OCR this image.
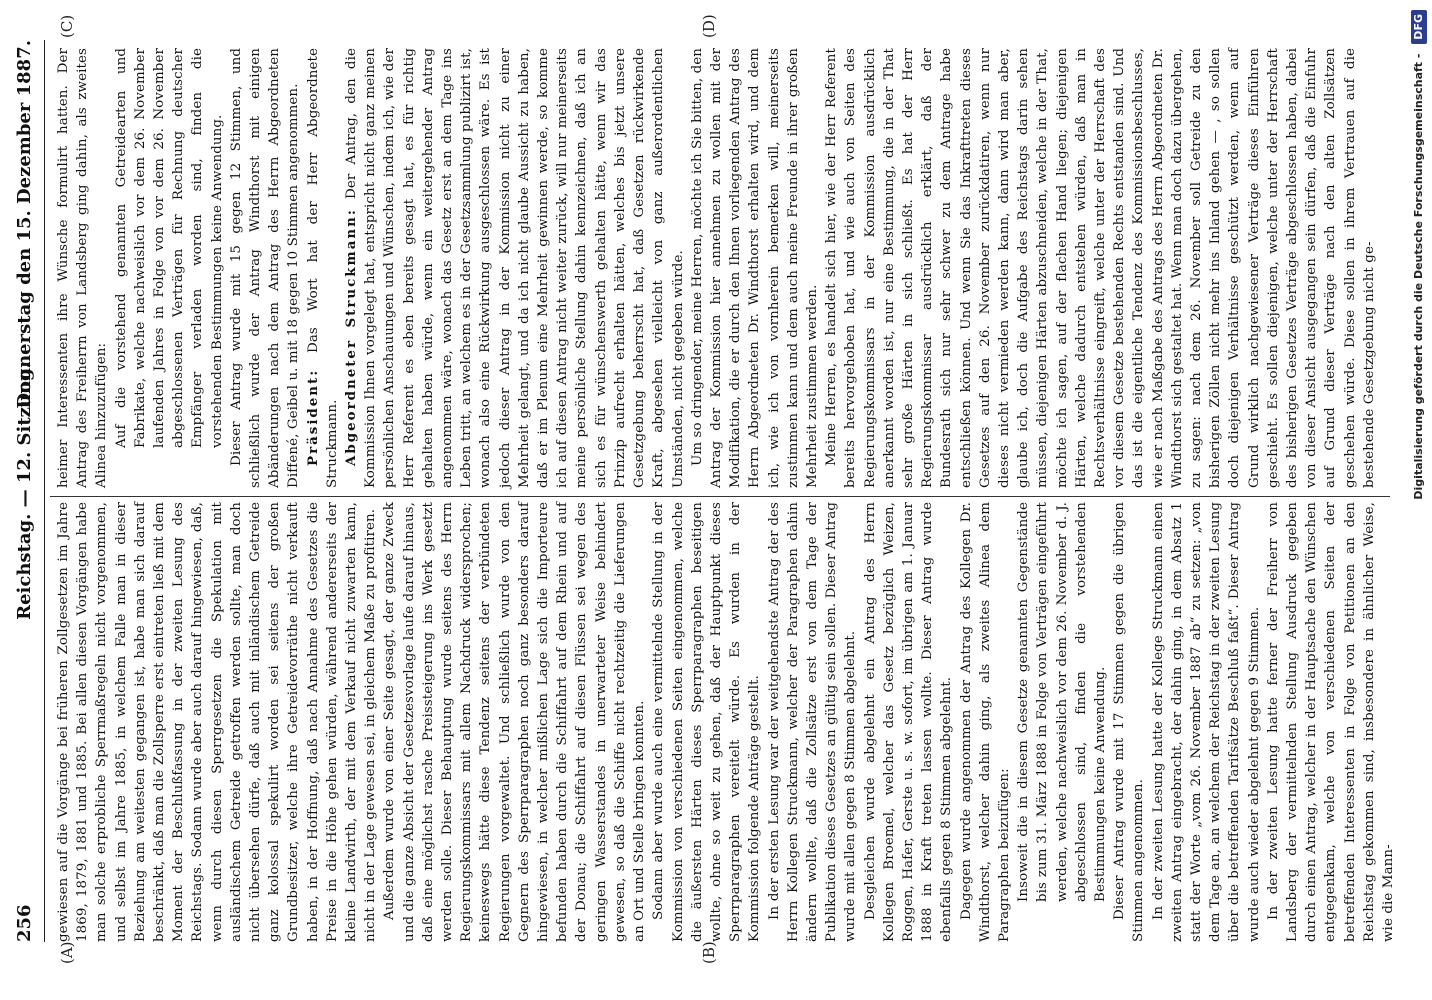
256
Reichstag. — 12. Sitzung.
Donnerstag den 15. Dezember 1887.
(A)	(B)
(C)	(D)

gewiesen auf die Vorgänge bei früheren Zollgesetzen im Jahre 1869, 1879, 1881 und 1885. Bei allen diesen Vorgängen habe man solche erprobliche Sperrmaßregeln nicht vorgenommen, und selbst im Jahre 1885, in welchem Falle man in dieser Beziehung am weitesten gegangen ist, habe man sich darauf beschränkt, daß man die Zollsperre erst eintreten ließ mit dem Moment der Beschlußfassung in der zweiten Lesung des Reichstags. Sodann wurde aber auch darauf hingewiesen, daß, wenn durch diesen Sperrgesetzen die Spekulation mit ausländischem Getreide getroffen werden sollte, man doch nicht übersehen dürfe, daß auch mit inländischem Getreide ganz kolossal spekulirt worden sei seitens der großen Grundbesitzer, welche ihre Getreidevorräthe nicht verkauft haben, in der Hoffnung, daß nach Annahme des Gesetzes die Preise in die Höhe gehen würden, während andererseits der kleine Landwirth, der mit dem Verkauf nicht zuwarten kann, nicht in der Lage gewesen sei, in gleichem Maße zu profitiren. Außerdem wurde von einer Seite gesagt, der ganze Zweck und die ganze Absicht der Gesetzesvorlage laufe darauf hinaus, daß eine möglichst rasche Preissteigerung ins Werk gesetzt werden solle. Dieser Behauptung wurde seitens des Herrn Regierungskommissars mit allem Nachdruck widersprochen; keineswegs hätte diese Tendenz seitens der verbündeten Regierungen vorgewaltet. Und schließlich wurde von den Gegnern des Sperrparagraphen noch ganz besonders darauf hingewiesen, in welcher mißlichen Lage sich die Importeure befunden haben durch die Schiffahrt auf dem Rhein und auf der Donau; die Schiffahrt auf diesen Flüssen sei wegen des geringen Wasserstandes in unerwarteter Weise behindert gewesen, so daß die Schiffe nicht rechtzeitig die Lieferungen an Ort und Stelle bringen konnten. Sodann aber wurde auch eine vermittelnde Stellung in der Kommission von verschiedenen Seiten eingenommen, welche die äußersten Härten dieses Sperrparagraphen beseitigen wollte, ohne so weit zu gehen, daß der Hauptpunkt dieses Sperrparagraphen vereitelt würde. Es wurden in der Kommission folgende Anträge gestellt. In der ersten Lesung war der weitgehendste Antrag der des Herrn Kollegen Struckmann, welcher der Paragraphen dahin ändern wollte, daß die Zollsätze erst von dem Tage der Publikation dieses Gesetzes an gültig sein sollen. Dieser Antrag wurde mit allen gegen 8 Stimmen abgelehnt. Desgleichen wurde abgelehnt ein Antrag des Herrn Kollegen Broemel, welcher das Gesetz bezüglich Weizen, Roggen, Hafer, Gerste u. s. w. sofort, im übrigen am 1. Januar 1888 in Kraft treten lassen wollte. Dieser Antrag wurde ebenfalls gegen 8 Stimmen abgelehnt. Dagegen wurde angenommen der Antrag des Kollegen Dr. Windthorst, welcher dahin ging, als zweites Alinea dem Paragraphen beizufügen: Insoweit die in diesem Gesetze genannten Gegenstände bis zum 31. März 1888 in Folge von Verträgen eingeführt werden, welche nachweislich vor dem 26. November d. J. abgeschlossen sind, finden die vorstehenden Bestimmungen keine Anwendung. Dieser Antrag wurde mit 17 Stimmen gegen die übrigen Stimmen angenommen. In der zweiten Lesung hatte der Kollege Struckmann einen zweiten Antrag eingebracht, der dahin ging, in dem Absatz 1 statt der Worte „vom 26. November 1887 ab“ zu setzen: „von dem Tage an, an welchem der Reichstag in der zweiten Lesung über die betreffenden Tarifsätze Beschluß faßt“. Dieser Antrag wurde auch wieder abgelehnt gegen 9 Stimmen. In der zweiten Lesung hatte ferner der Freiherr von Landsberg der vermittelnden Stellung Ausdruck gegeben durch einen Antrag, welcher in der Hauptsache den Wünschen entgegenkam, welche von verschiedenen Seiten der betreffenden Interessenten in Folge von Petitionen an den Reichstag gekommen sind, insbesondere in ähnlicher Weise, wie die Mann-

heimer Interessenten ihre Wünsche formulirt hatten. Der Antrag des Freiherrn von Landsberg ging dahin, als zweites Alinea hinzuzufügen: Auf die vorstehend genannten Getreidearten und Fabrikate, welche nachweislich vor dem 26. November laufenden Jahres in Folge von vor dem 26. November abgeschlossenen Verträgen für Rechnung deutscher Empfänger verladen worden sind, finden die vorstehenden Bestimmungen keine Anwendung. Dieser Antrag wurde mit 15 gegen 12 Stimmen, und schließlich wurde der Antrag Windthorst mit einigen Abänderungen nach dem Antrag des Herrn Abgeordneten Diffené, Geibel u. mit 18 gegen 10 Stimmen angenommen. Präsident: Das Wort hat der Herr Abgeordnete Struckmann. Abgeordneter Struckmann: Der Antrag, den die Kommission Ihnen vorgelegt hat, entspricht nicht ganz meinen persönlichen Anschauungen und Wünschen, indem ich, wie der Herr Referent es eben bereits gesagt hat, es für richtig gehalten haben würde, wenn ein weitergehender Antrag angenommen wäre, wonach das Gesetz erst an dem Tage ins Leben tritt, an welchem es in der Gesetzsammlung publizirt ist, wonach also eine Rückwirkung ausgeschlossen wäre. Es ist jedoch dieser Antrag in der Kommission nicht zu einer Mehrheit gelangt, und da ich nicht glaube Aussicht zu haben, daß er im Plenum eine Mehrheit gewinnen werde, so komme ich auf diesen Antrag nicht weiter zurück, will nur meinerseits meine persönliche Stellung dahin kennzeichnen, daß ich an sich es für wünschenswerth gehalten hätte, wenn wir das Prinzip aufrecht erhalten hätten, welches bis jetzt unsere Gesetzgebung beherrscht hat, daß Gesetzen rückwirkende Kraft, abgesehen vielleicht von ganz außerordentlichen Umständen, nicht gegeben würde. Um so dringender, meine Herren, möchte ich Sie bitten, den Antrag der Kommission hier annehmen zu wollen mit der Modifikation, die er durch den Ihnen vorliegenden Antrag des Herrn Abgeordneten Dr. Windthorst erhalten wird, und dem ich, wie ich von vornherein bemerken will, meinerseits zustimmen kann und dem auch meine Freunde in ihrer großen Mehrheit zustimmen werden. Meine Herren, es handelt sich hier, wie der Herr Referent bereits hervorgehoben hat, und wie auch von Seiten des Regierungskommissars in der Kommission ausdrücklich anerkannt worden ist, nur eine Bestimmung, die in der That sehr große Härten in sich schließt. Es hat der Herr Regierungskommissar ausdrücklich erklärt, daß der Bundesrath sich nur sehr schwer zu dem Antrage habe entschließen können. Und wenn Sie das Inkrafttreten dieses Gesetzes auf den 26. November zurückdatiren, wenn nur dieses nicht vermieden werden kann, dann wird man aber, glaube ich, doch die Aufgabe des Reichstags darin sehen müssen, diejenigen Härten abzuschneiden, welche in der That, möchte ich sagen, auf der flachen Hand liegen; diejenigen Härten, welche dadurch entstehen würden, daß man in Rechtsverhältnisse eingreift, welche unter der Herrschaft des vor diesem Gesetze bestehenden Rechts entstanden sind. Und das ist die eigentliche Tendenz des Kommissionsbeschlusses, wie er nach Maßgabe des Antrags des Herrn Abgeordneten Dr. Windthorst sich gestaltet hat. Wenn man doch dazu übergehen, zu sagen: nach dem 26. November soll Getreide zu den bisherigen Zöllen nicht mehr ins Inland gehen — , so sollen doch diejenigen Verhältnisse geschützt werden, wenn auf Grund wirklich nachgewiesener Verträge dieses Einführen geschieht. Es sollen diejenigen, welche unter der Herrschaft des bisherigen Gesetzes Verträge abgeschlossen haben, dabei von dieser Ansicht ausgegangen sein dürfen, daß die Einfuhr auf Grund dieser Verträge nach den alten Zollsätzen geschehen würde. Diese sollen in ihrem Vertrauen auf die bestehende Gesetzgebung nicht ge-	Digitalisierung gefördert durch die Deutsche Forschungsgemeinschaft - DFG
